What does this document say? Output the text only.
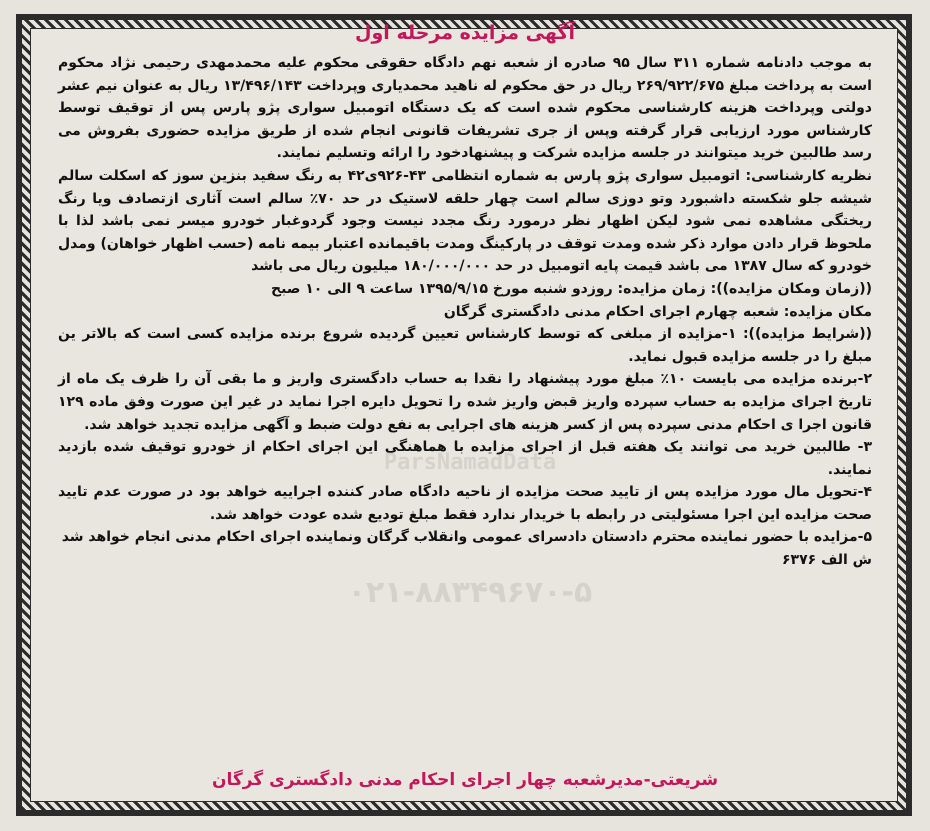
ParsNamadData
۰۲۱-۸۸۳۴۹۶۷۰-۵
آگهی مزایده مرحله اول

به موجب دادنامه شماره ۳۱۱ سال ۹۵ صادره از شعبه نهم دادگاه حقوقی محکوم علیه محمدمهدی رحیمی نژاد محکوم است به پرداخت مبلغ ۲۶۹/۹۲۲/۶۷۵ ریال در حق محکوم له ناهید محمدیاری وپرداخت ۱۳/۴۹۶/۱۴۳ ریال به عنوان نیم عشر دولتی وپرداخت هزینه کارشناسی محکوم شده است که یک دستگاه اتومبیل سواری پژو پارس پس از توقیف توسط کارشناس مورد ارزیابی قرار گرفته وپس از جری تشریفات قانونی انجام شده از طریق مزایده حضوری بفروش می رسد طالبین خرید میتوانند در جلسه مزایده شرکت و پیشنهادخود را ارائه وتسلیم نمایند.

نظریه کارشناسی: اتومبیل سواری پژو پارس به شماره انتظامی ۴۳-۹۲۶ی۴۲ به رنگ سفید بنزین سوز که اسکلت سالم شیشه جلو شکسته داشبورد وتو دوزی سالم است چهار حلقه لاستیک در حد ۷۰٪ سالم است آثاری ازتصادف ویا رنگ ریختگی مشاهده نمی شود لیکن اظهار نظر درمورد رنگ مجدد نیست وجود گردوغبار خودرو میسر نمی باشد لذا با ملحوظ قرار دادن موارد ذکر شده ومدت توقف در پارکینگ ومدت باقیمانده اعتبار بیمه نامه (حسب اظهار خواهان) ومدل خودرو که سال ۱۳۸۷ می باشد قیمت پایه اتومبیل در حد ۱۸۰/۰۰۰/۰۰۰ میلیون ریال می باشد

((زمان ومکان مزایده)): زمان مزایده: روزدو شنبه مورخ ۱۳۹۵/۹/۱۵ ساعت ۹ الی ۱۰ صبح

مکان مزایده: شعبه چهارم اجرای احکام مدنی دادگستری گرگان

((شرایط مزایده)): ۱-مزایده از مبلغی که توسط کارشناس تعیین گردیده شروع برنده مزایده کسی است که بالاتر ین مبلغ را در جلسه مزایده قبول نماید.

۲-برنده مزایده می بایست ۱۰٪ مبلغ مورد پیشنهاد را نقدا به حساب دادگستری واریز و ما بقی آن را ظرف یک ماه از تاریخ اجرای مزایده به حساب سپرده واریز قبض واریز شده را تحویل دایره اجرا نماید در غیر این صورت وفق ماده ۱۲۹ قانون اجرا ی احکام مدنی سپرده پس از کسر هزینه های اجرایی به نفع دولت ضبط و آگهی مزایده تجدید خواهد شد.

۳- طالبین خرید می توانند یک هفته قبل از اجرای مزایده با هماهنگی این اجرای احکام از خودرو توقیف شده بازدید نمایند.

۴-تحویل مال مورد مزایده پس از تایید صحت مزایده از ناحیه دادگاه صادر کننده اجراییه خواهد بود در صورت عدم تایید صحت مزایده این اجرا مسئولیتی در رابطه با خریدار ندارد فقط مبلغ تودیع شده عودت خواهد شد.

۵-مزایده با حضور نماینده محترم دادستان دادسرای عمومی وانقلاب گرگان ونماینده اجرای احکام مدنی انجام خواهد شد

ش الف ۶۳۷۶

شریعتی-مدیرشعبه چهار اجرای احکام مدنی دادگستری گرگان
